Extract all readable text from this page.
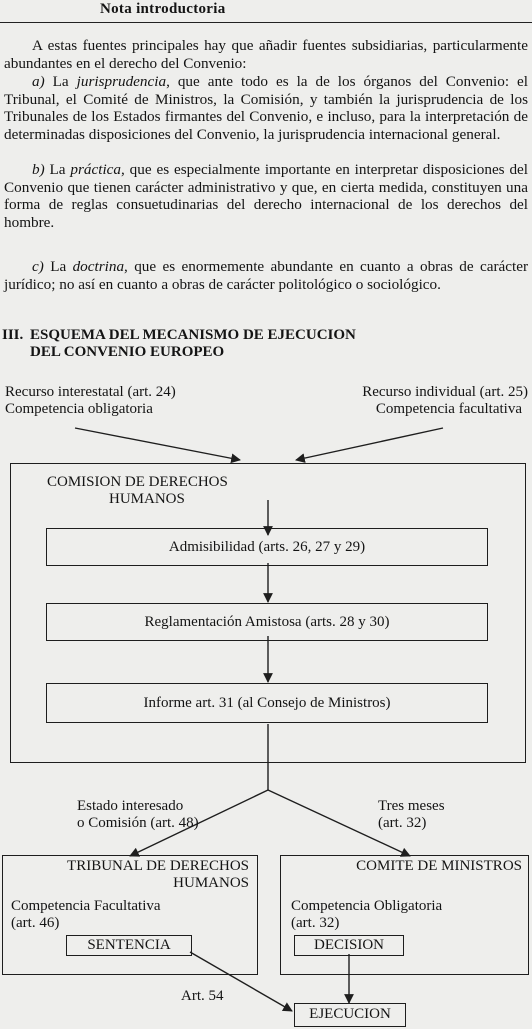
Nota introductoria
A estas fuentes principales hay que añadir fuentes subsidiarias, particularmente abundantes en el derecho del Convenio:
a) La jurisprudencia, que ante todo es la de los órganos del Convenio: el Tribunal, el Comité de Ministros, la Comisión, y también la jurisprudencia de los Tribunales de los Estados firmantes del Convenio, e incluso, para la interpretación de determinadas disposiciones del Convenio, la jurisprudencia internacional general.
b) La práctica, que es especialmente importante en interpretar disposiciones del Convenio que tienen carácter administrativo y que, en cierta medida, constituyen una forma de reglas consuetudinarias del derecho internacional de los derechos del hombre.
c) La doctrina, que es enormemente abundante en cuanto a obras de carácter jurídico; no así en cuanto a obras de carácter politológico o sociológico.
III. ESQUEMA DEL MECANISMO DE EJECUCION
DEL CONVENIO EUROPEO
Recurso interestatal (art. 24)
Competencia obligatoria
Recurso individual (art. 25)
Competencia facultativa
COMISION DE DERECHOS
HUMANOS
Admisibilidad (arts. 26, 27 y 29)
Reglamentación Amistosa (arts. 28 y 30)
Informe art. 31 (al Consejo de Ministros)
Estado interesado
o Comisión (art. 48)
Tres meses
(art. 32)
TRIBUNAL DE DERECHOS
HUMANOS
Competencia Facultativa
(art. 46)
SENTENCIA
COMITE DE MINISTROS
Competencia Obligatoria
(art. 32)
DECISION
Art. 54
EJECUCION
